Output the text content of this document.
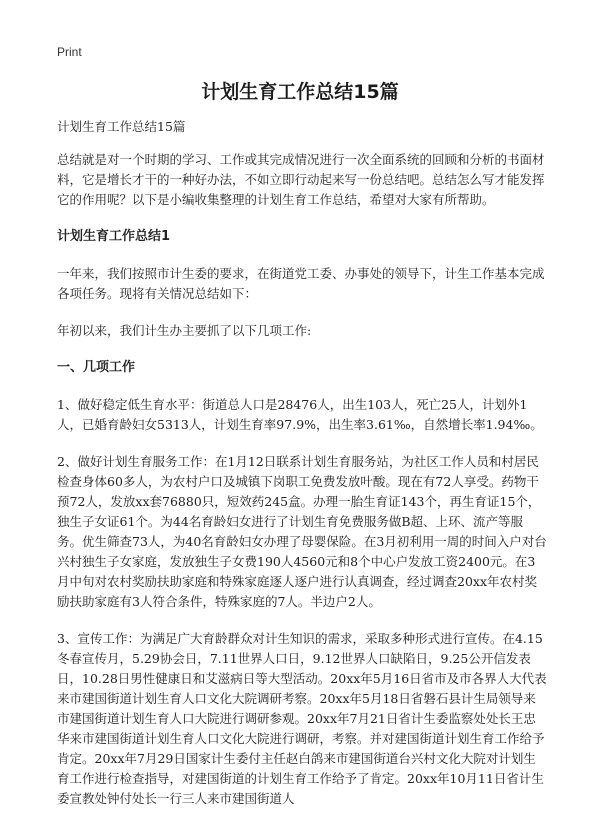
Print
计划生育工作总结15篇

计划生育工作总结15篇

总结就是对一个时期的学习、工作或其完成情况进行一次全面系统的回顾和分析的书面材料，它是增长才干的一种好办法，不如立即行动起来写一份总结吧。总结怎么写才能发挥它的作用呢？以下是小编收集整理的计划生育工作总结，希望对大家有所帮助。

计划生育工作总结1

一年来，我们按照市计生委的要求，在街道党工委、办事处的领导下，计生工作基本完成各项任务。现将有关情况总结如下：

年初以来，我们计生办主要抓了以下几项工作:

一、几项工作

1、做好稳定低生育水平：街道总人口是28476人，出生103人，死亡25人，计划外1人，已婚育龄妇女5313人，计划生育率97.9%，出生率3.61‰，自然增长率1.94‰。

2、做好计划生育服务工作：在1月12日联系计划生育服务站，为社区工作人员和村居民检查身体60多人，为农村户口及城镇下岗职工免费发放叶酸。现在有72人享受。药物干预72人，发放xx套76880只，短效药245盒。办理一胎生育证143个，再生育证15个，独生子女证61个。为44名育龄妇女进行了计划生育免费服务做B超、上环、流产等服务。优生筛查73人，为40名育龄妇女办理了母婴保险。在3月初利用一周的时间入户对台兴村独生子女家庭，发放独生子女费190人4560元和8个中心户发放工资2400元。在3月中旬对农村奖励扶助家庭和特殊家庭逐人逐户进行认真调查，经过调查20xx年农村奖励扶助家庭有3人符合条件，特殊家庭的7人。半边户2人。

3、宣传工作：为满足广大育龄群众对计生知识的需求，采取多种形式进行宣传。在4.15冬春宣传月，5.29协会日，7.11世界人口日，9.12世界人口缺陷日，9.25公开信发表日，10.28日男性健康日和艾滋病日等大型活动。20xx年5月16日省市及市各界人大代表来市建国街道计划生育人口文化大院调研考察。20xx年5月18日省磐石县计生局领导来市建国街道计划生育人口大院进行调研参观。20xx年7月21日省计生委监察处处长王忠华来市建国街道计划生育人口文化大院进行调研，考察。并对建国街道计划生育工作给予肯定。20xx年7月29日国家计生委付主任赵白鸽来市建国街道台兴村文化大院对计划生育工作进行检查指导，对建国街道的计划生育工作给予了肯定。20xx年10月11日省计生委宣教处钟付处长一行三人来市建国街道人
